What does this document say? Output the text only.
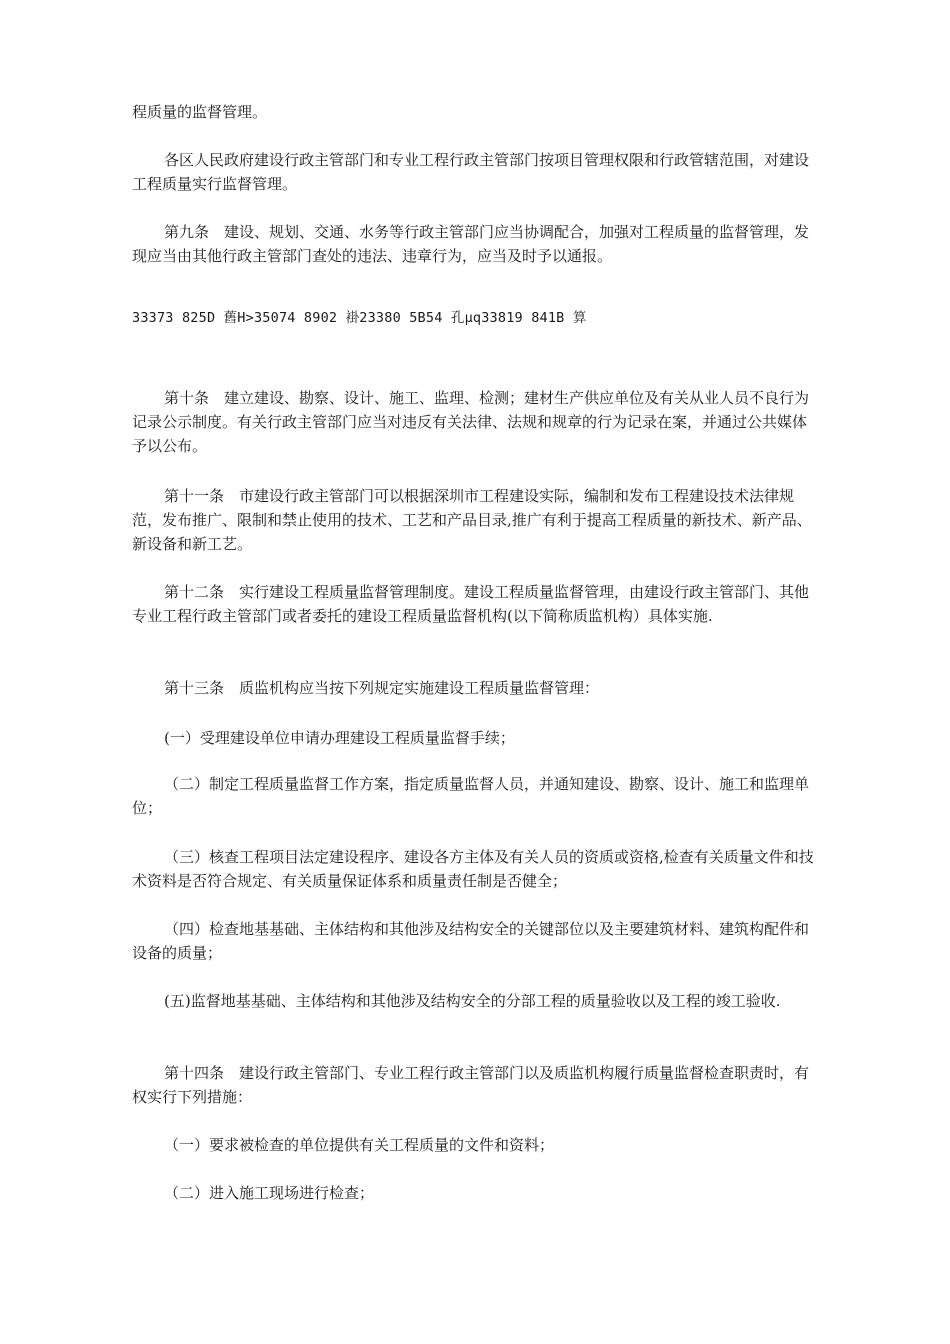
程质量的监督管理。

各区人民政府建设行政主管部门和专业工程行政主管部门按项目管理权限和行政管辖范围，对建设工程质量实行监督管理。

第九条　建设、规划、交通、水务等行政主管部门应当协调配合，加强对工程质量的监督管理，发现应当由其他行政主管部门查处的违法、违章行为，应当及时予以通报。

33373 825D 舊H>35074 8902 褂23380 5B54 孔μq33819 841B 算

第十条　建立建设、勘察、设计、施工、监理、检测；建材生产供应单位及有关从业人员不良行为记录公示制度。有关行政主管部门应当对违反有关法律、法规和规章的行为记录在案，并通过公共媒体予以公布。

第十一条　市建设行政主管部门可以根据深圳市工程建设实际，编制和发布工程建设技术法律规范，发布推广、限制和禁止使用的技术、工艺和产品目录,推广有利于提高工程质量的新技术、新产品、新设备和新工艺。

第十二条　实行建设工程质量监督管理制度。建设工程质量监督管理，由建设行政主管部门、其他专业工程行政主管部门或者委托的建设工程质量监督机构(以下简称质监机构）具体实施.

第十三条　质监机构应当按下列规定实施建设工程质量监督管理：

(一）受理建设单位申请办理建设工程质量监督手续；

（二）制定工程质量监督工作方案，指定质量监督人员，并通知建设、勘察、设计、施工和监理单位；

（三）核查工程项目法定建设程序、建设各方主体及有关人员的资质或资格,检查有关质量文件和技术资料是否符合规定、有关质量保证体系和质量责任制是否健全；

（四）检查地基基础、主体结构和其他涉及结构安全的关键部位以及主要建筑材料、建筑构配件和设备的质量；

(五)监督地基基础、主体结构和其他涉及结构安全的分部工程的质量验收以及工程的竣工验收.

第十四条　建设行政主管部门、专业工程行政主管部门以及质监机构履行质量监督检查职责时，有权实行下列措施：

（一）要求被检查的单位提供有关工程质量的文件和资料；

（二）进入施工现场进行检查；
